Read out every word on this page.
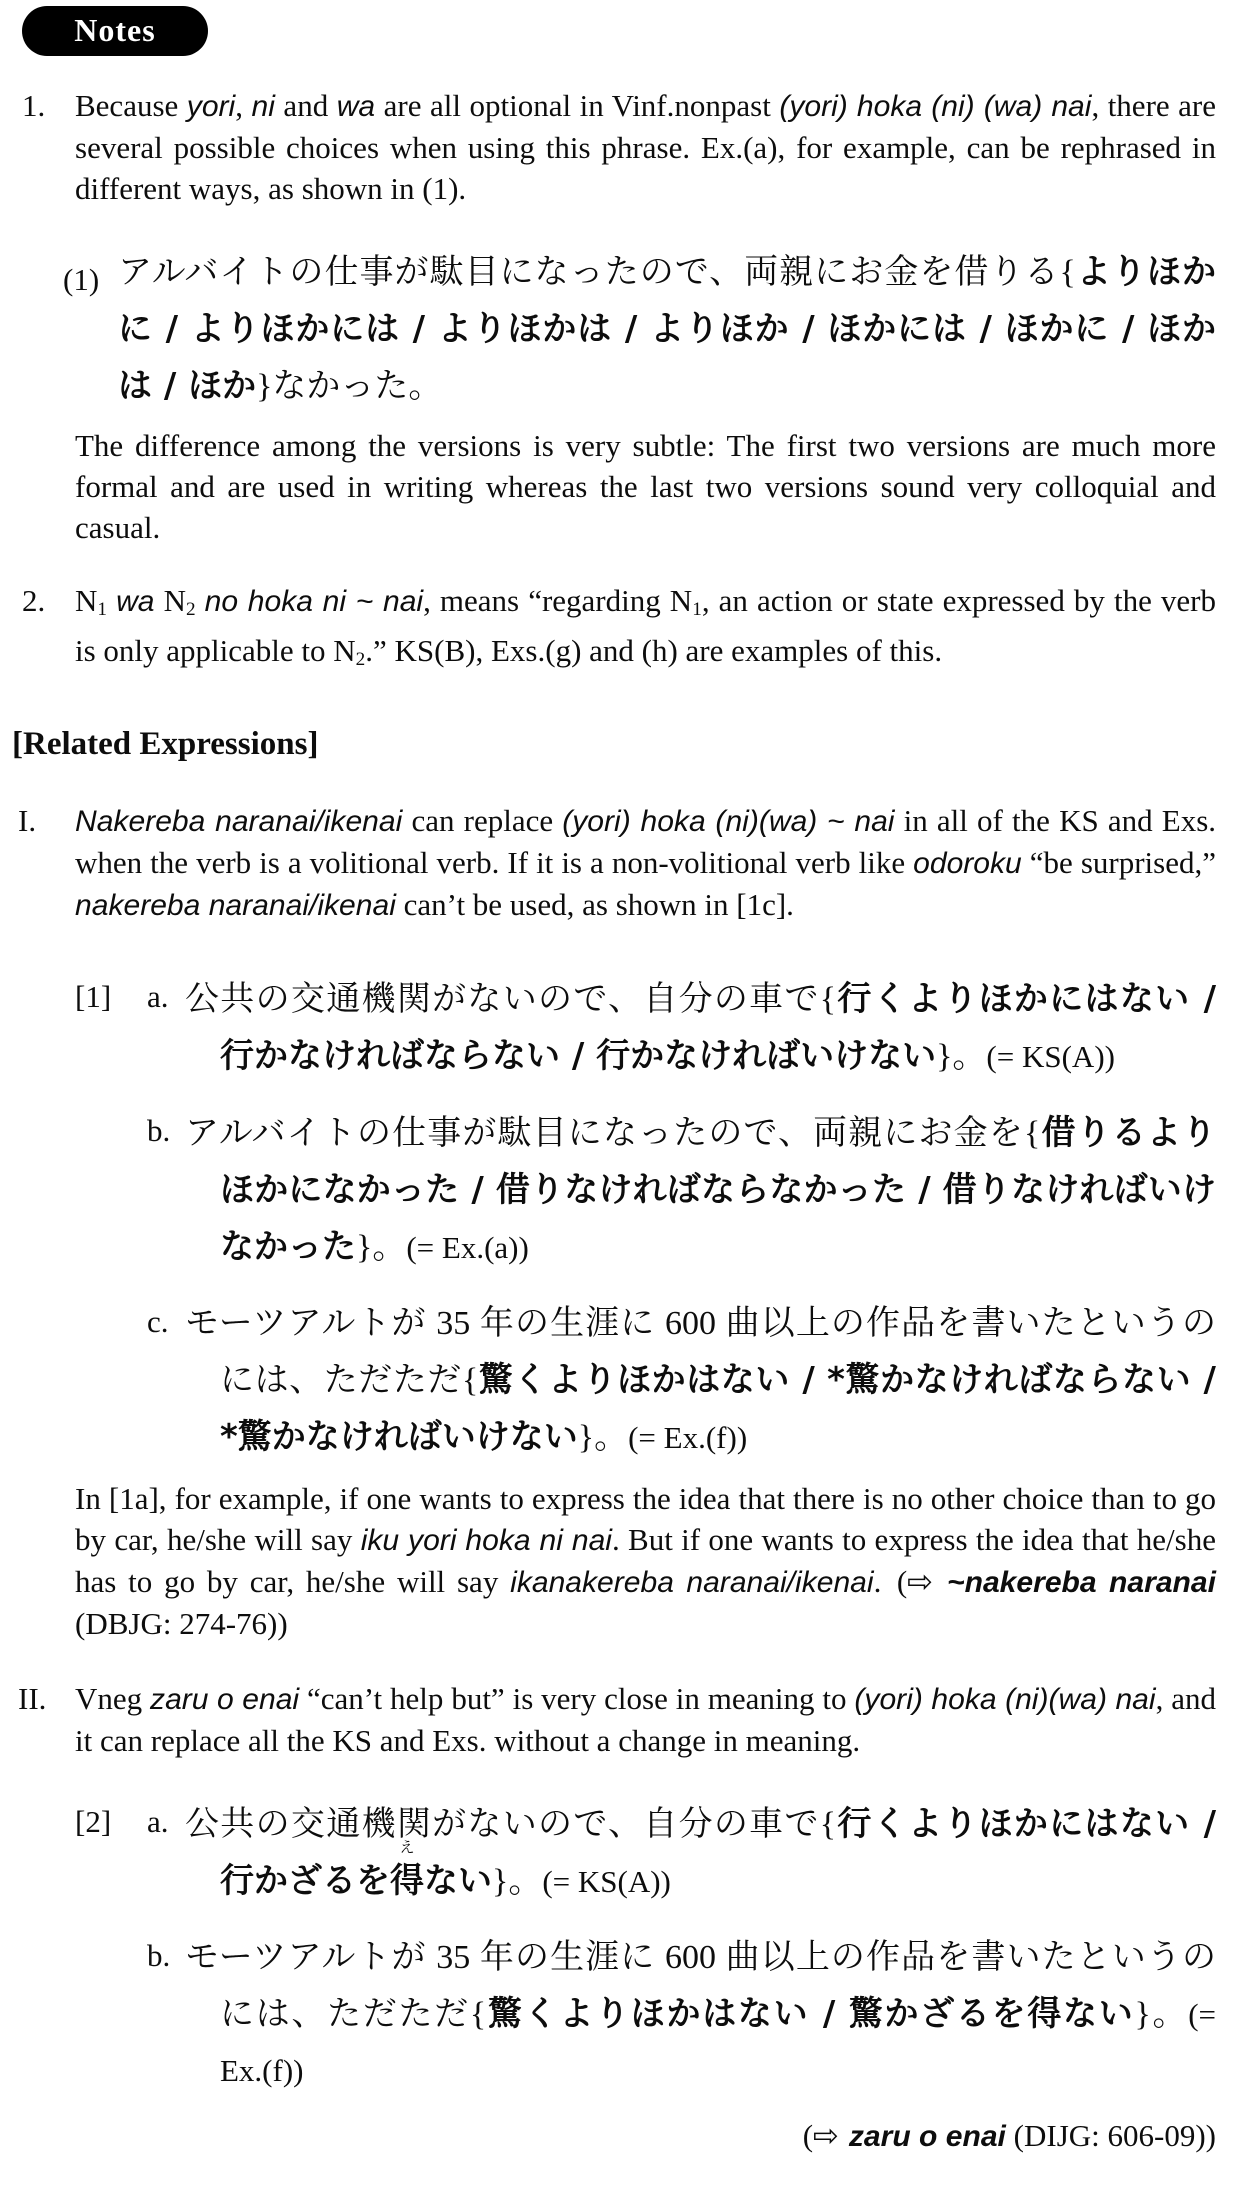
Notes
1. Because yori, ni and wa are all optional in Vinf.nonpast (yori) hoka (ni) (wa) nai, there are several possible choices when using this phrase. Ex.(a), for example, can be rephrased in different ways, as shown in (1).
(1) アルバイトの仕事が駄目になったので、両親にお金を借りる{よりほかに / よりほかには / よりほかは / よりほか / ほかには / ほかに / ほかは / ほか}なかった。
The difference among the versions is very subtle: The first two versions are much more formal and are used in writing whereas the last two versions sound very colloquial and casual.
2. N1 wa N2 no hoka ni ~ nai, means “regarding N1, an action or state expressed by the verb is only applicable to N2.” KS(B), Exs.(g) and (h) are examples of this.
[Related Expressions]
I. Nakereba naranai/ikenai can replace (yori) hoka (ni)(wa) ~ nai in all of the KS and Exs. when the verb is a volitional verb. If it is a non-volitional verb like odoroku “be surprised,” nakereba naranai/ikenai can’t be used, as shown in [1c].
[1] a. 公共の交通機関がないので、自分の車で{行くよりほかにはない / 行かなければならない / 行かなければいけない}。(= KS(A))
b. アルバイトの仕事が駄目になったので、両親にお金を{借りるよりほかになかった / 借りなければならなかった / 借りなければいけなかった}。(= Ex.(a))
c. モーツアルトが 35 年の生涯に 600 曲以上の作品を書いたというのには、ただただ{驚くよりほかはない / *驚かなければならない / *驚かなければいけない}。(= Ex.(f))
In [1a], for example, if one wants to express the idea that there is no other choice than to go by car, he/she will say iku yori hoka ni nai. But if one wants to express the idea that he/she has to go by car, he/she will say ikanakereba naranai/ikenai. (⇨ ~nakereba naranai (DBJG: 274-76))
II. Vneg zaru o enai “can’t help but” is very close in meaning to (yori) hoka (ni)(wa) nai, and it can replace all the KS and Exs. without a change in meaning.
[2] a. 公共の交通機関がないので、自分の車で{行くよりほかにはない / 行かざるを得
え
ない}。(= KS(A))
b. モーツアルトが 35 年の生涯に 600 曲以上の作品を書いたというのには、ただただ{驚くよりほかはない / 驚かざるを得ない}。(= Ex.(f))
(⇨ zaru o enai (DIJG: 606-09))
